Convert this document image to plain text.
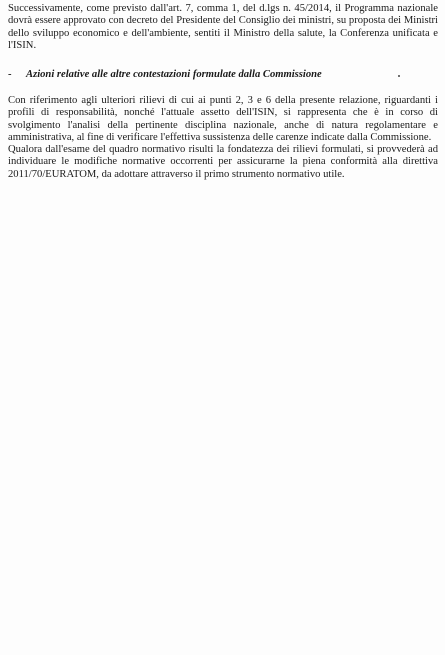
Successivamente, come previsto dall'art. 7, comma 1, del d.lgs n. 45/2014, il Programma nazionale dovrà essere approvato con decreto del Presidente del Consiglio dei ministri, su proposta dei Ministri dello sviluppo economico e dell'ambiente, sentiti il Ministro della salute, la Conferenza unificata e l'ISIN.
- Azioni relative alle altre contestazioni formulate dalla Commissione
Con riferimento agli ulteriori rilievi di cui ai punti 2, 3 e 6 della presente relazione, riguardanti i profili di responsabilità, nonché l'attuale assetto dell'ISIN, si rappresenta che è in corso di svolgimento l'analisi della pertinente disciplina nazionale, anche di natura regolamentare e amministrativa, al fine di verificare l'effettiva sussistenza delle carenze indicate dalla Commissione.
Qualora dall'esame del quadro normativo risulti la fondatezza dei rilievi formulati, si provvederà ad individuare le modifiche normative occorrenti per assicurarne la piena conformità alla direttiva 2011/70/EURATOM, da adottare attraverso il primo strumento normativo utile.
